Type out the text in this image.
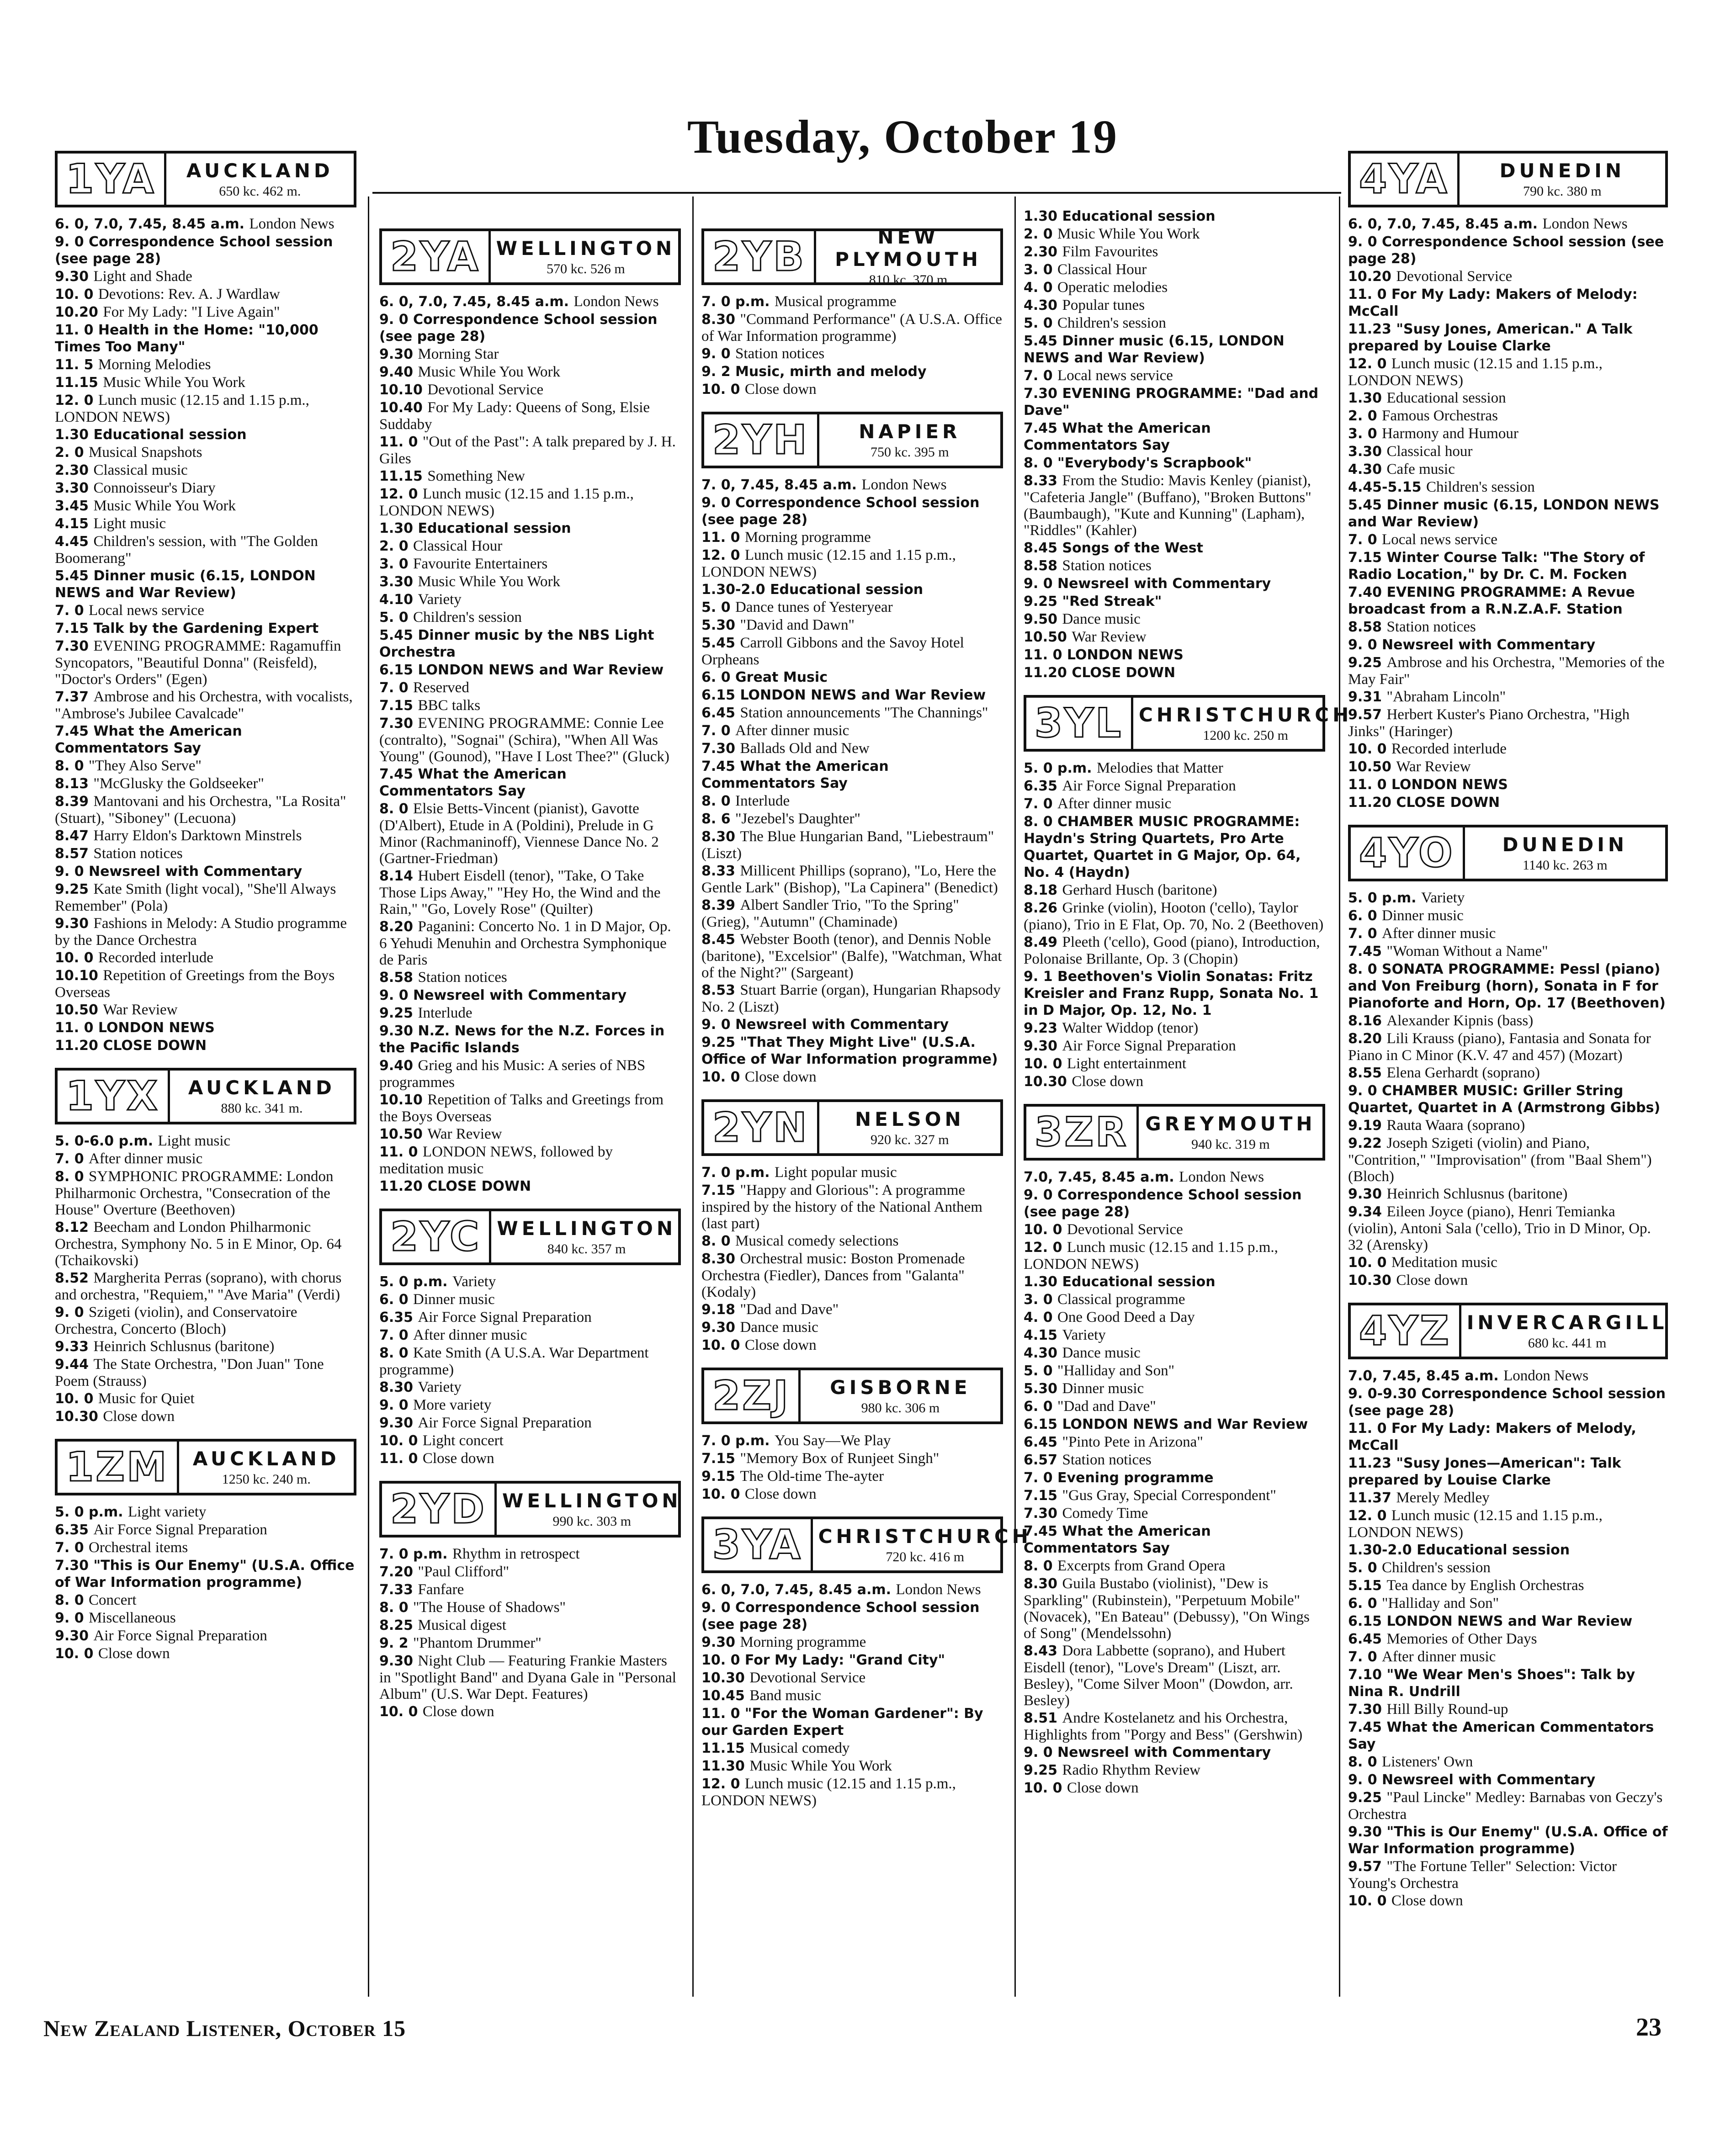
Tuesday, October 19
1YA	AUCKLAND
650 kc. 462 m.
6. 0, 7.0, 7.45, 8.45 a.m. London News
9. 0 Correspondence School session (see page 28)
9.30 Light and Shade
10. 0 Devotions: Rev. A. J Wardlaw
10.20 For My Lady: "I Live Again"
11. 0 Health in the Home: "10,000 Times Too Many"
11. 5 Morning Melodies
11.15 Music While You Work
12. 0 Lunch music (12.15 and 1.15 p.m., LONDON NEWS)
1.30 Educational session
2. 0 Musical Snapshots
2.30 Classical music
3.30 Connoisseur's Diary
3.45 Music While You Work
4.15 Light music
4.45 Children's session, with "The Golden Boomerang"
5.45 Dinner music (6.15, LONDON NEWS and War Review)
7. 0 Local news service
7.15 Talk by the Gardening Expert
7.30 EVENING PROGRAMME: Ragamuffin Syncopators, "Beautiful Donna" (Reisfeld), "Doctor's Orders" (Egen)
7.37 Ambrose and his Orchestra, with vocalists, "Ambrose's Jubilee Cavalcade"
7.45 What the American Commentators Say
8. 0 "They Also Serve"
8.13 "McGlusky the Goldseeker"
8.39 Mantovani and his Orchestra, "La Rosita" (Stuart), "Siboney" (Lecuona)
8.47 Harry Eldon's Darktown Minstrels
8.57 Station notices
9. 0 Newsreel with Commentary
9.25 Kate Smith (light vocal), "She'll Always Remember" (Pola)
9.30 Fashions in Melody: A Studio programme by the Dance Orchestra
10. 0 Recorded interlude
10.10 Repetition of Greetings from the Boys Overseas
10.50 War Review
11. 0 LONDON NEWS
11.20 CLOSE DOWN
1YX	AUCKLAND
880 kc. 341 m.
5. 0-6.0 p.m. Light music
7. 0 After dinner music
8. 0 SYMPHONIC PROGRAMME: London Philharmonic Orchestra, "Consecration of the House" Overture (Beethoven)
8.12 Beecham and London Philharmonic Orchestra, Symphony No. 5 in E Minor, Op. 64 (Tchaikovski)
8.52 Margherita Perras (soprano), with chorus and orchestra, "Requiem," "Ave Maria" (Verdi)
9. 0 Szigeti (violin), and Conservatoire Orchestra, Concerto (Bloch)
9.33 Heinrich Schlusnus (baritone)
9.44 The State Orchestra, "Don Juan" Tone Poem (Strauss)
10. 0 Music for Quiet
10.30 Close down
1ZM	AUCKLAND
1250 kc. 240 m.
5. 0 p.m. Light variety
6.35 Air Force Signal Preparation
7. 0 Orchestral items
7.30 "This is Our Enemy" (U.S.A. Office of War Information programme)
8. 0 Concert
9. 0 Miscellaneous
9.30 Air Force Signal Preparation
10. 0 Close down
2YA WELLINGTON
570 kc. 526 m
6. 0, 7.0, 7.45, 8.45 a.m. London News
9. 0 Correspondence School session (see page 28)
9.30 Morning Star
9.40 Music While You Work
10.10 Devotional Service
10.40 For My Lady: Queens of Song, Elsie Suddaby
11. 0 "Out of the Past": A talk prepared by J. H. Giles
11.15 Something New
12. 0 Lunch music (12.15 and 1.15 p.m., LONDON NEWS)
1.30 Educational session
2. 0 Classical Hour
3. 0 Favourite Entertainers
3.30 Music While You Work
4.10 Variety
5. 0 Children's session
5.45 Dinner music by the NBS Light Orchestra
6.15 LONDON NEWS and War Review
7. 0 Reserved
7.15 BBC talks
7.30 EVENING PROGRAMME: Connie Lee (contralto), "Sognai" (Schira), "When All Was Young" (Gounod), "Have I Lost Thee?" (Gluck)
7.45 What the American Commentators Say
8. 0 Elsie Betts-Vincent (pianist), Gavotte (D'Albert), Etude in A (Poldini), Prelude in G Minor (Rachmaninoff), Viennese Dance No. 2 (Gartner-Friedman)
8.14 Hubert Eisdell (tenor), "Take, O Take Those Lips Away," "Hey Ho, the Wind and the Rain," "Go, Lovely Rose" (Quilter)
8.20 Paganini: Concerto No. 1 in D Major, Op. 6 Yehudi Menuhin and Orchestra Symphonique de Paris
8.58 Station notices
9. 0 Newsreel with Commentary
9.25 Interlude
9.30 N.Z. News for the N.Z. Forces in the Pacific Islands
9.40 Grieg and his Music: A series of NBS programmes
10.10 Repetition of Talks and Greetings from the Boys Overseas
10.50 War Review
11. 0 LONDON NEWS, followed by meditation music
11.20 CLOSE DOWN
2YC WELLINGTON
840 kc. 357 m
5. 0 p.m. Variety
6. 0 Dinner music
6.35 Air Force Signal Preparation
7. 0 After dinner music
8. 0 Kate Smith (A U.S.A. War Department programme)
8.30 Variety
9. 0 More variety
9.30 Air Force Signal Preparation
10. 0 Light concert
11. 0 Close down
2YD WELLINGTON
990 kc. 303 m
7. 0 p.m. Rhythm in retrospect
7.20 "Paul Clifford"
7.33 Fanfare
8. 0 "The House of Shadows"
8.25 Musical digest
9. 2 "Phantom Drummer"
9.30 Night Club — Featuring Frankie Masters in "Spotlight Band" and Dyana Gale in "Personal Album" (U.S. War Dept. Features)
10. 0 Close down
2YB	NEW PLYMOUTH
810 kc. 370 m
7. 0 p.m. Musical programme
8.30 "Command Performance" (A U.S.A. Office of War Information programme)
9. 0 Station notices
9. 2 Music, mirth and melody
10. 0 Close down
2YH	NAPIER
750 kc. 395 m
7. 0, 7.45, 8.45 a.m. London News
9. 0 Correspondence School session (see page 28)
11. 0 Morning programme
12. 0 Lunch music (12.15 and 1.15 p.m., LONDON NEWS)
1.30-2.0 Educational session
5. 0 Dance tunes of Yesteryear
5.30 "David and Dawn"
5.45 Carroll Gibbons and the Savoy Hotel Orpheans
6. 0 Great Music
6.15 LONDON NEWS and War Review
6.45 Station announcements "The Channings"
7. 0 After dinner music
7.30 Ballads Old and New
7.45 What the American Commentators Say
8. 0 Interlude
8. 6 "Jezebel's Daughter"
8.30 The Blue Hungarian Band, "Liebestraum" (Liszt)
8.33 Millicent Phillips (soprano), "Lo, Here the Gentle Lark" (Bishop), "La Capinera" (Benedict)
8.39 Albert Sandler Trio, "To the Spring" (Grieg), "Autumn" (Chaminade)
8.45 Webster Booth (tenor), and Dennis Noble (baritone), "Excelsior" (Balfe), "Watchman, What of the Night?" (Sargeant)
8.53 Stuart Barrie (organ), Hungarian Rhapsody No. 2 (Liszt)
9. 0 Newsreel with Commentary
9.25 "That They Might Live" (U.S.A. Office of War Information programme)
10. 0 Close down
2YN	NELSON
920 kc. 327 m
7. 0 p.m. Light popular music
7.15 "Happy and Glorious": A programme inspired by the history of the National Anthem (last part)
8. 0 Musical comedy selections
8.30 Orchestral music: Boston Promenade Orchestra (Fiedler), Dances from "Galanta" (Kodaly)
9.18 "Dad and Dave"
9.30 Dance music
10. 0 Close down
2ZJ	GISBORNE
980 kc. 306 m
7. 0 p.m. You Say—We Play
7.15 "Memory Box of Runjeet Singh"
9.15 The Old-time The-ayter
10. 0 Close down
3YA CHRISTCHURCH
720 kc. 416 m
6. 0, 7.0, 7.45, 8.45 a.m. London News
9. 0 Correspondence School session (see page 28)
9.30 Morning programme
10. 0 For My Lady: "Grand City"
10.30 Devotional Service
10.45 Band music
11. 0 "For the Woman Gardener": By our Garden Expert
11.15 Musical comedy
11.30 Music While You Work
12. 0 Lunch music (12.15 and 1.15 p.m., LONDON NEWS)
1.30 Educational session
2. 0 Music While You Work
2.30 Film Favourites
3. 0 Classical Hour
4. 0 Operatic melodies
4.30 Popular tunes
5. 0 Children's session
5.45 Dinner music (6.15, LONDON NEWS and War Review)
7. 0 Local news service
7.30 EVENING PROGRAMME: "Dad and Dave"
7.45 What the American Commentators Say
8. 0 "Everybody's Scrapbook"
8.33 From the Studio: Mavis Kenley (pianist), "Cafeteria Jangle" (Buffano), "Broken Buttons" (Baumbaugh), "Kute and Kunning" (Lapham), "Riddles" (Kahler)
8.45 Songs of the West
8.58 Station notices
9. 0 Newsreel with Commentary
9.25 "Red Streak"
9.50 Dance music
10.50 War Review
11. 0 LONDON NEWS
11.20 CLOSE DOWN
3YL CHRISTCHURCH
1200 kc. 250 m
5. 0 p.m. Melodies that Matter
6.35 Air Force Signal Preparation
7. 0 After dinner music
8. 0 CHAMBER MUSIC PROGRAMME: Haydn's String Quartets, Pro Arte Quartet, Quartet in G Major, Op. 64, No. 4 (Haydn)
8.18 Gerhard Husch (baritone)
8.26 Grinke (violin), Hooton ('cello), Taylor (piano), Trio in E Flat, Op. 70, No. 2 (Beethoven)
8.49 Pleeth ('cello), Good (piano), Introduction, Polonaise Brillante, Op. 3 (Chopin)
9. 1 Beethoven's Violin Sonatas: Fritz Kreisler and Franz Rupp, Sonata No. 1 in D Major, Op. 12, No. 1
9.23 Walter Widdop (tenor)
9.30 Air Force Signal Preparation
10. 0 Light entertainment
10.30 Close down
3ZR GREYMOUTH
940 kc. 319 m
7.0, 7.45, 8.45 a.m. London News
9. 0 Correspondence School session (see page 28)
10. 0 Devotional Service
12. 0 Lunch music (12.15 and 1.15 p.m., LONDON NEWS)
1.30 Educational session
3. 0 Classical programme
4. 0 One Good Deed a Day
4.15 Variety
4.30 Dance music
5. 0 "Halliday and Son"
5.30 Dinner music
6. 0 "Dad and Dave"
6.15 LONDON NEWS and War Review
6.45 "Pinto Pete in Arizona"
6.57 Station notices
7. 0 Evening programme
7.15 "Gus Gray, Special Correspondent"
7.30 Comedy Time
7.45 What the American Commentators Say
8. 0 Excerpts from Grand Opera
8.30 Guila Bustabo (violinist), "Dew is Sparkling" (Rubinstein), "Perpetuum Mobile" (Novacek), "En Bateau" (Debussy), "On Wings of Song" (Mendelssohn)
8.43 Dora Labbette (soprano), and Hubert Eisdell (tenor), "Love's Dream" (Liszt, arr. Besley), "Come Silver Moon" (Dowdon, arr. Besley)
8.51 Andre Kostelanetz and his Orchestra, Highlights from "Porgy and Bess" (Gershwin)
9. 0 Newsreel with Commentary
9.25 Radio Rhythm Review
10. 0 Close down
4YA	DUNEDIN
790 kc. 380 m
6. 0, 7.0, 7.45, 8.45 a.m. London News
9. 0 Correspondence School session (see page 28)
10.20 Devotional Service
11. 0 For My Lady: Makers of Melody: McCall
11.23 "Susy Jones, American." A Talk prepared by Louise Clarke
12. 0 Lunch music (12.15 and 1.15 p.m., LONDON NEWS)
1.30 Educational session
2. 0 Famous Orchestras
3. 0 Harmony and Humour
3.30 Classical hour
4.30 Cafe music
4.45-5.15 Children's session
5.45 Dinner music (6.15, LONDON NEWS and War Review)
7. 0 Local news service
7.15 Winter Course Talk: "The Story of Radio Location," by Dr. C. M. Focken
7.40 EVENING PROGRAMME: A Revue broadcast from a R.N.Z.A.F. Station
8.58 Station notices
9. 0 Newsreel with Commentary
9.25 Ambrose and his Orchestra, "Memories of the May Fair"
9.31 "Abraham Lincoln"
9.57 Herbert Kuster's Piano Orchestra, "High Jinks" (Haringer)
10. 0 Recorded interlude
10.50 War Review
11. 0 LONDON NEWS
11.20 CLOSE DOWN
4YO	DUNEDIN
1140 kc. 263 m
5. 0 p.m. Variety
6. 0 Dinner music
7. 0 After dinner music
7.45 "Woman Without a Name"
8. 0 SONATA PROGRAMME: Pessl (piano) and Von Freiburg (horn), Sonata in F for Pianoforte and Horn, Op. 17 (Beethoven)
8.16 Alexander Kipnis (bass)
8.20 Lili Krauss (piano), Fantasia and Sonata for Piano in C Minor (K.V. 47 and 457) (Mozart)
8.55 Elena Gerhardt (soprano)
9. 0 CHAMBER MUSIC: Griller String Quartet, Quartet in A (Armstrong Gibbs)
9.19 Rauta Waara (soprano)
9.22 Joseph Szigeti (violin) and Piano, "Contrition," "Improvisation" (from "Baal Shem") (Bloch)
9.30 Heinrich Schlusnus (baritone)
9.34 Eileen Joyce (piano), Henri Temianka (violin), Antoni Sala ('cello), Trio in D Minor, Op. 32 (Arensky)
10. 0 Meditation music
10.30 Close down
4YZ INVERCARGILL
680 kc. 441 m
7.0, 7.45, 8.45 a.m. London News
9. 0-9.30 Correspondence School session (see page 28)
11. 0 For My Lady: Makers of Melody, McCall
11.23 "Susy Jones—American": Talk prepared by Louise Clarke
11.37 Merely Medley
12. 0 Lunch music (12.15 and 1.15 p.m., LONDON NEWS)
1.30-2.0 Educational session
5. 0 Children's session
5.15 Tea dance by English Orchestras
6. 0 "Halliday and Son"
6.15 LONDON NEWS and War Review
6.45 Memories of Other Days
7. 0 After dinner music
7.10 "We Wear Men's Shoes": Talk by Nina R. Undrill
7.30 Hill Billy Round-up
7.45 What the American Commentators Say
8. 0 Listeners' Own
9. 0 Newsreel with Commentary
9.25 "Paul Lincke" Medley: Barnabas von Geczy's Orchestra
9.30 "This is Our Enemy" (U.S.A. Office of War Information programme)
9.57 "The Fortune Teller" Selection: Victor Young's Orchestra
10. 0 Close down
New Zealand Listener, October 15	23
